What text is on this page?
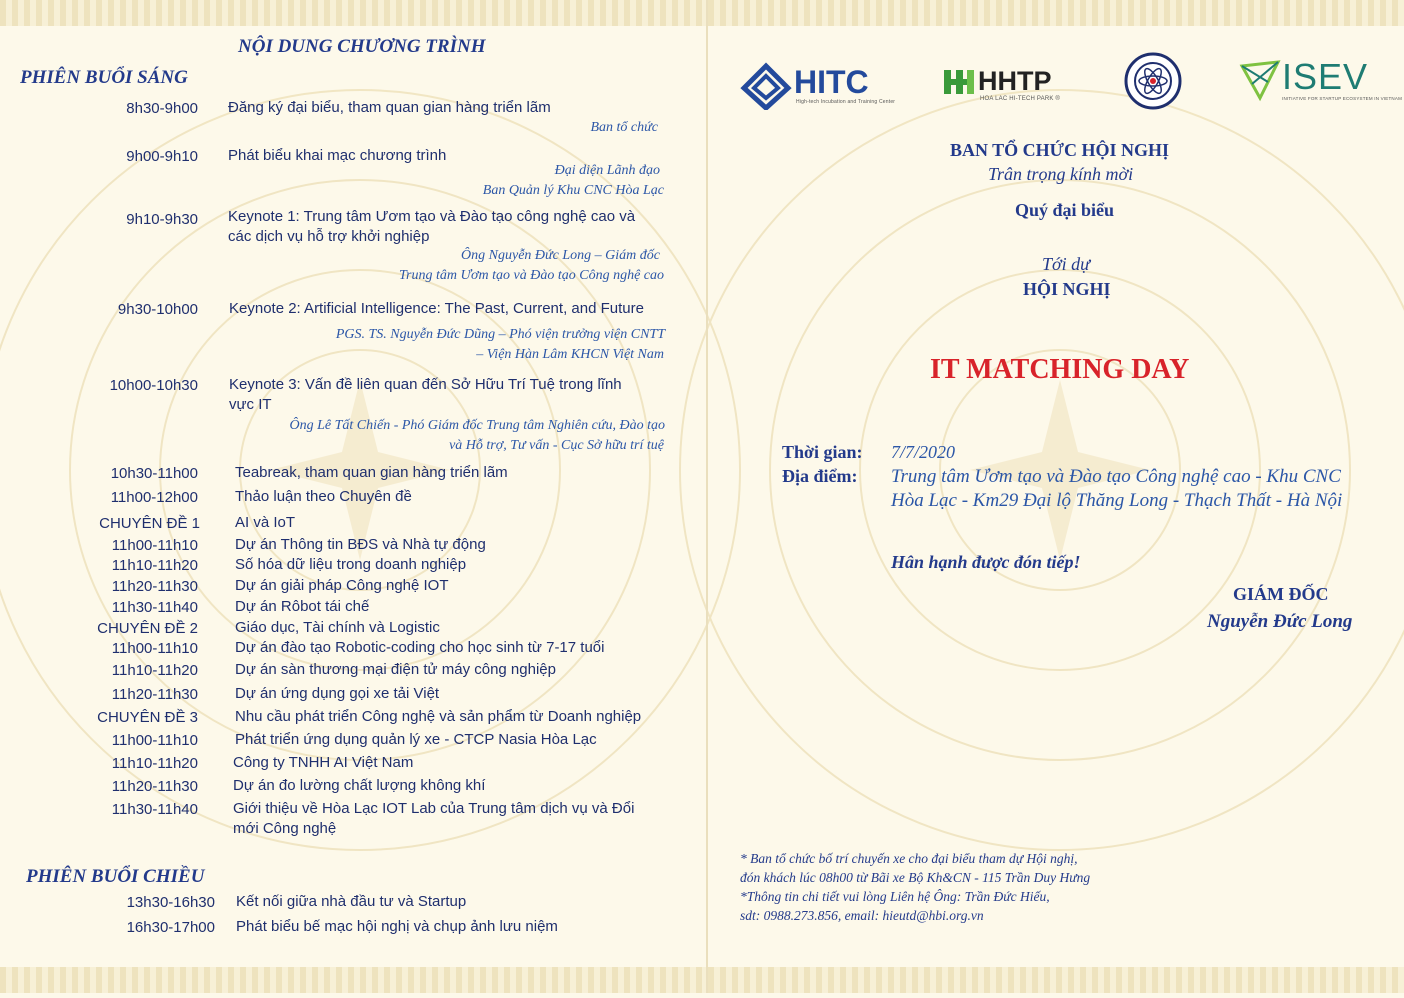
NỘI DUNG CHƯƠNG TRÌNH
PHIÊN BUỔI SÁNG
8h30-9h00 Đăng ký đại biểu, tham quan gian hàng triển lãm
Ban tổ chức
9h00-9h10 Phát biểu khai mạc chương trình
Đại diện Lãnh đạo
Ban Quản lý Khu CNC Hòa Lạc
9h10-9h30 Keynote 1: Trung tâm Ươm tạo và Đào tạo công nghệ cao và
các dịch vụ hỗ trợ khởi nghiệp
Ông Nguyễn Đức Long – Giám đốc
Trung tâm Ươm tạo và Đào tạo Công nghệ cao
9h30-10h00 Keynote 2: Artificial Intelligence: The Past, Current, and Future
PGS. TS. Nguyễn Đức Dũng – Phó viện trưởng viện CNTT
– Viện Hàn Lâm KHCN Việt Nam
10h00-10h30 Keynote 3: Vấn đề liên quan đến Sở Hữu Trí Tuệ trong lĩnh
vực IT
Ông Lê Tất Chiến - Phó Giám đốc Trung tâm Nghiên cứu, Đào tạo
và Hỗ trợ, Tư vấn - Cục Sở hữu trí tuệ
10h30-11h00 Teabreak, tham quan gian hàng triển lãm
11h00-12h00 Thảo luận theo Chuyên đề
CHUYÊN ĐỀ 1 AI và IoT
11h00-11h10 Dự án Thông tin BĐS và Nhà tự động
11h10-11h20 Số hóa dữ liệu trong doanh nghiệp
11h20-11h30 Dự án giải pháp Công nghệ IOT
11h30-11h40 Dự án Rôbot tái chế
CHUYÊN ĐỀ 2 Giáo dục, Tài chính và Logistic
11h00-11h10 Dự án đào tạo Robotic-coding cho học sinh từ 7-17 tuổi
11h10-11h20 Dự án sàn thương mại điện tử máy công nghiệp
11h20-11h30 Dự án ứng dụng gọi xe tải Việt
CHUYÊN ĐỀ 3 Nhu cầu phát triển Công nghệ và sản phẩm từ Doanh nghiệp
11h00-11h10 Phát triển ứng dụng quản lý xe - CTCP Nasia Hòa Lạc
11h10-11h20 Công ty TNHH AI Việt Nam
11h20-11h30 Dự án đo lường chất lượng không khí
11h30-11h40 Giới thiệu về Hòa Lạc IOT Lab của Trung tâm dịch vụ và Đổi
mới Công nghệ
PHIÊN BUỔI CHIỀU
13h30-16h30 Kết nối giữa nhà đầu tư và Startup
16h30-17h00 Phát biểu bế mạc hội nghị và chụp ảnh lưu niệm
HITC
High-tech Incubation and Training Center
HHTP
HOA LAC HI-TECH PARK ®
ISEV
INITIATIVE FOR STARTUP ECOSYSTEM IN VIETNAM
BAN TỔ CHỨC HỘI NGHỊ
Trân trọng kính mời
Quý đại biểu
Tới dự
HỘI NGHỊ
IT MATCHING DAY
Thời gian: 7/7/2020
Địa điểm: Trung tâm Ươm tạo và Đào tạo Công nghệ cao - Khu CNC
Hòa Lạc - Km29 Đại lộ Thăng Long - Thạch Thất - Hà Nội
Hân hạnh được đón tiếp!
GIÁM ĐỐC
Nguyễn Đức Long
* Ban tổ chức bố trí chuyến xe cho đại biểu tham dự Hội nghị,
đón khách lúc 08h00 từ Bãi xe Bộ Kh&CN - 115 Trần Duy Hưng
*Thông tin chi tiết vui lòng Liên hệ Ông: Trần Đức Hiếu,
sdt: 0988.273.856, email: hieutd@hbi.org.vn
